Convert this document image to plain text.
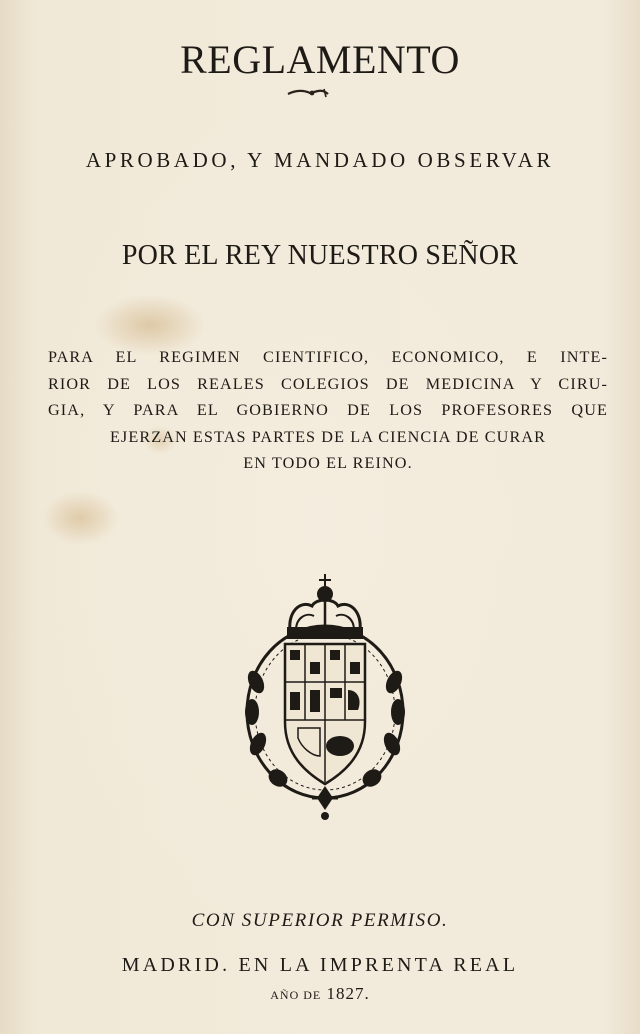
REGLAMENTO
APROBADO, Y MANDADO OBSERVAR
POR EL REY NUESTRO SEÑOR
PARA EL REGIMEN CIENTIFICO, ECONOMICO, E INTE-
RIOR DE LOS REALES COLEGIOS DE MEDICINA Y CIRU-
GIA, Y PARA EL GOBIERNO DE LOS PROFESORES QUE
EJERZAN ESTAS PARTES DE LA CIENCIA DE CURAR
EN TODO EL REINO.
CON SUPERIOR PERMISO.
MADRID. EN LA IMPRENTA REAL
AÑO DE 1827.
